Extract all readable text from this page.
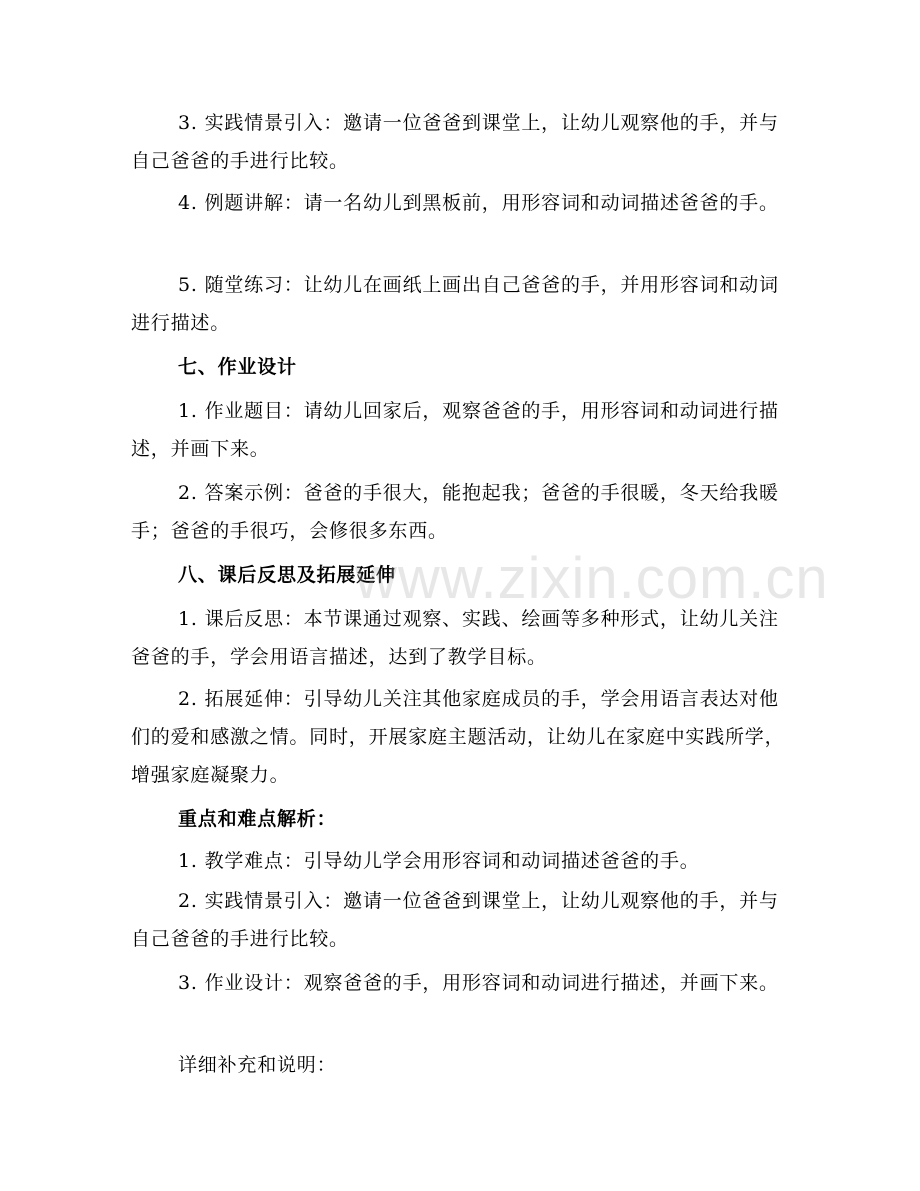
3. 实践情景引入：邀请一位爸爸到课堂上，让幼儿观察他的手，并与自己爸爸的手进行比较。

4. 例题讲解：请一名幼儿到黑板前，用形容词和动词描述爸爸的手。

5. 随堂练习：让幼儿在画纸上画出自己爸爸的手，并用形容词和动词进行描述。

七、作业设计

1. 作业题目：请幼儿回家后，观察爸爸的手，用形容词和动词进行描述，并画下来。

2. 答案示例：爸爸的手很大，能抱起我；爸爸的手很暖，冬天给我暖手；爸爸的手很巧，会修很多东西。

八、课后反思及拓展延伸

1. 课后反思：本节课通过观察、实践、绘画等多种形式，让幼儿关注爸爸的手，学会用语言描述，达到了教学目标。

2. 拓展延伸：引导幼儿关注其他家庭成员的手，学会用语言表达对他们的爱和感激之情。同时，开展家庭主题活动，让幼儿在家庭中实践所学，增强家庭凝聚力。

重点和难点解析：

1. 教学难点：引导幼儿学会用形容词和动词描述爸爸的手。

2. 实践情景引入：邀请一位爸爸到课堂上，让幼儿观察他的手，并与自己爸爸的手进行比较。

3. 作业设计：观察爸爸的手，用形容词和动词进行描述，并画下来。

详细补充和说明：

www.zixin.com.cn
